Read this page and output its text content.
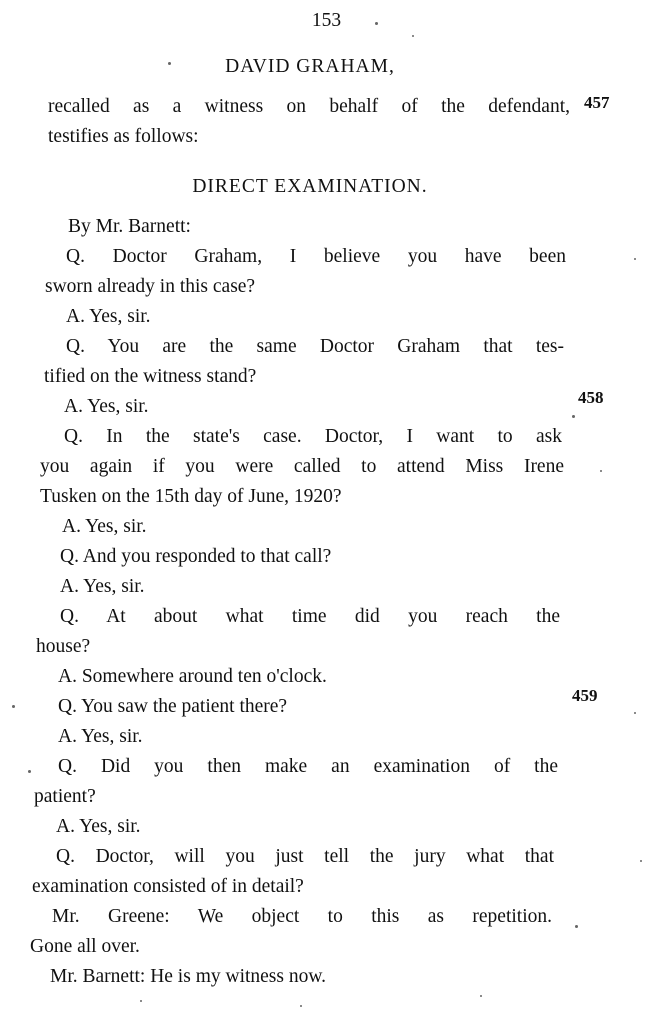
153
DAVID GRAHAM,
recalled as a witness on behalf of the defendant,
testifies as follows:
457
DIRECT EXAMINATION.
By Mr. Barnett:
Q. Doctor Graham, I believe you have been
sworn already in this case?
A. Yes, sir.
Q. You are the same Doctor Graham that tes-
tified on the witness stand?
A. Yes, sir.	458
Q. In the state's case. Doctor, I want to ask
you again if you were called to attend Miss Irene
Tusken on the 15th day of June, 1920?
A. Yes, sir.
Q. And you responded to that call?
A. Yes, sir.
Q. At about what time did you reach the
house?
A. Somewhere around ten o'clock.
Q. You saw the patient there?
459
A. Yes, sir.
Q. Did you then make an examination of the
patient?
A. Yes, sir.
Q. Doctor, will you just tell the jury what that
examination consisted of in detail?
Mr. Greene: We object to this as repetition.
Gone all over.
Mr. Barnett: He is my witness now.
